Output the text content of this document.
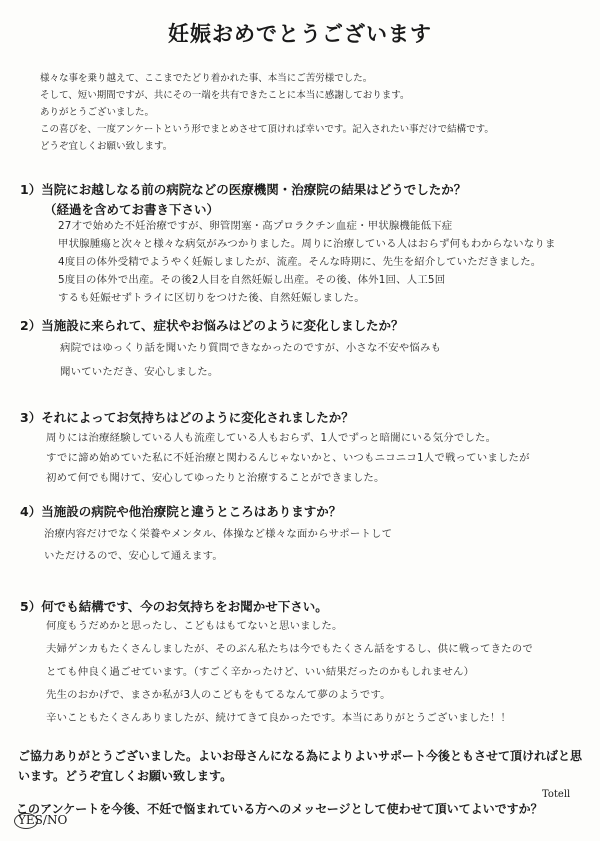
妊娠おめでとうございます
様々な事を乗り越えて、ここまでたどり着かれた事、本当にご苦労様でした。
そして、短い期間ですが、共にその一端を共有できたことに本当に感謝しております。
ありがとうございました。
この喜びを、一度アンケートという形でまとめさせて頂ければ幸いです。記入されたい事だけで結構です。
どうぞ宜しくお願い致します。
1）当院にお越しなる前の病院などの医療機関・治療院の結果はどうでしたか？
（経過を含めてお書き下さい）
27才で始めた不妊治療ですが、卵管閉塞・高プロラクチン血症・甲状腺機能低下症
甲状腺腫瘍と次々と様々な病気がみつかりました。周りに治療している人はおらず何もわからないなりま
4度目の体外受精でようやく妊娠しましたが、流産。そんな時期に、先生を紹介していただきました。
5度目の体外で出産。その後2人目を自然妊娠し出産。その後、体外1回、人工5回
するも妊娠せずトライに区切りをつけた後、自然妊娠しました。
2）当施設に来られて、症状やお悩みはどのように変化しましたか？
病院ではゆっくり話を聞いたり質問できなかったのですが、小さな不安や悩みも
聞いていただき、安心しました。
3）それによってお気持ちはどのように変化されましたか？
周りには治療経験している人も流産している人もおらず、1人でずっと暗闇にいる気分でした。
すでに諦め始めていた私に不妊治療と関わるんじゃないかと、いつもニコニコ1人で戦っていましたが
初めて何でも聞けて、安心してゆったりと治療することができました。
4）当施設の病院や他治療院と違うところはありますか？
治療内容だけでなく栄養やメンタル、体操など様々な面からサポートして
いただけるので、安心して通えます。
5）何でも結構です、今のお気持ちをお聞かせ下さい。
何度もうだめかと思ったし、こどもはもてないと思いました。
夫婦ゲンカもたくさんしましたが、そのぶん私たちは今でもたくさん話をするし、供に戦ってきたので
とても仲良く過ごせています。（すごく辛かったけど、いい結果だったのかもしれません）
先生のおかげで、まさか私が3人のこどもをもてるなんて夢のようです。
辛いこともたくさんありましたが、続けてきて良かったです。本当にありがとうございました！！
ご協力ありがとうございました。よいお母さんになる為によりよいサポート今後ともさせて頂ければと思います。どうぞ宜しくお願い致します。
Totell
このアンケートを今後、不妊で悩まれている方へのメッセージとして使わせて頂いてよいですか？
YES/NO
